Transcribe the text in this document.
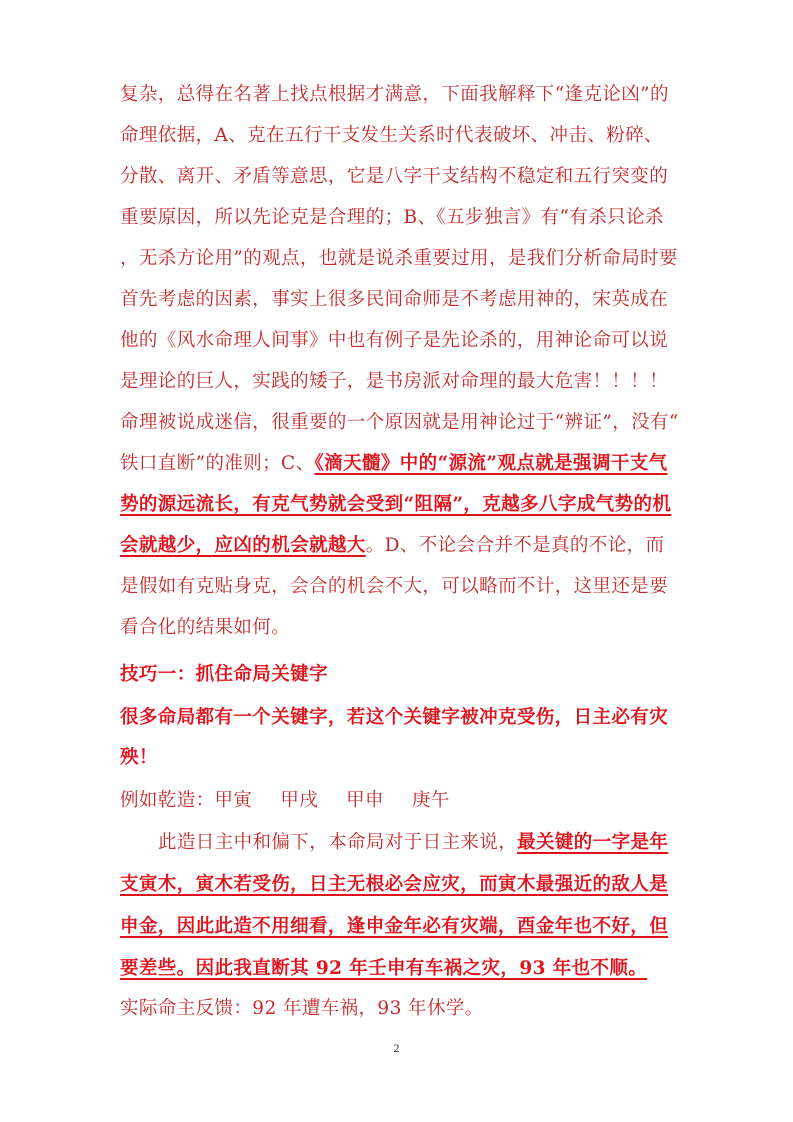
复杂，总得在名著上找点根据才满意，下面我解释下“逢克论凶”的
命理依据，A、克在五行干支发生关系时代表破坏、冲击、粉碎、
分散、离开、矛盾等意思，它是八字干支结构不稳定和五行突变的
重要原因，所以先论克是合理的；B、《五步独言》有“有杀只论杀
，无杀方论用”的观点，也就是说杀重要过用，是我们分析命局时要
首先考虑的因素，事实上很多民间命师是不考虑用神的，宋英成在
他的《风水命理人间事》中也有例子是先论杀的，用神论命可以说
是理论的巨人，实践的矮子，是书房派对命理的最大危害！！！！
命理被说成迷信，很重要的一个原因就是用神论过于“辨证”，没有“
铁口直断”的准则；C、《滴天髓》中的“源流”观点就是强调干支气
势的源远流长，有克气势就会受到“阻隔”，克越多八字成气势的机
会就越少，应凶的机会就越大。D、不论会合并不是真的不论，而
是假如有克贴身克，会合的机会不大，可以略而不计，这里还是要
看合化的结果如何。
技巧一：抓住命局关键字
很多命局都有一个关键字，若这个关键字被冲克受伤，日主必有灾
殃！
例如乾造：甲寅 甲戌 甲申 庚午
此造日主中和偏下，本命局对于日主来说，最关键的一字是年
支寅木，寅木若受伤，日主无根必会应灾，而寅木最强近的敌人是
申金，因此此造不用细看，逢申金年必有灾端，酉金年也不好，但
要差些。因此我直断其 92 年壬申有车祸之灾，93 年也不顺。
实际命主反馈：92 年遭车祸，93 年休学。
2
